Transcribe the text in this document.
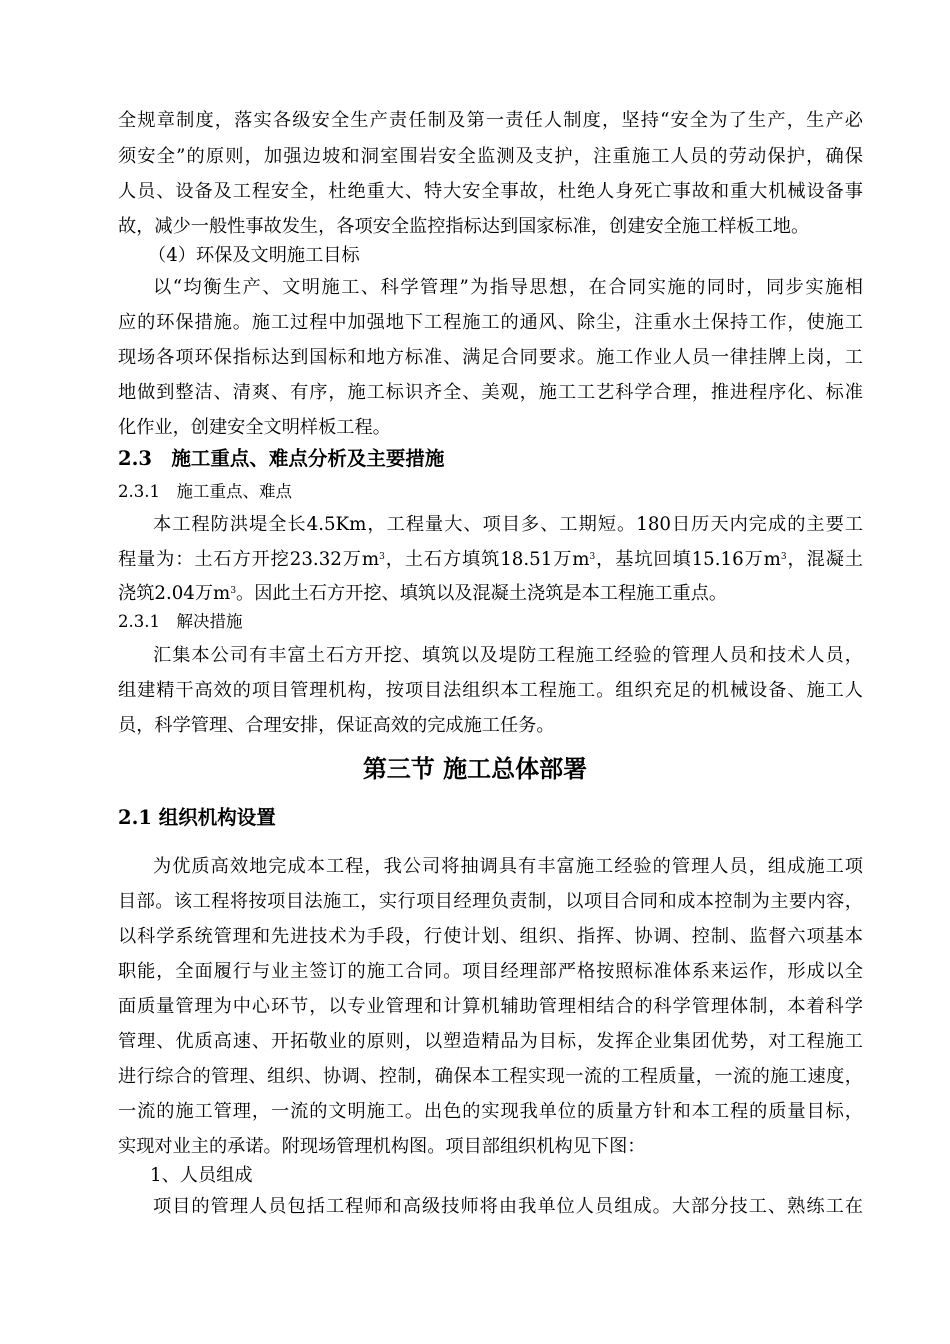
全规章制度，落实各级安全生产责任制及第一责任人制度，坚持“安全为了生产，生产必
须安全”的原则，加强边坡和洞室围岩安全监测及支护，注重施工人员的劳动保护，确保
人员、设备及工程安全，杜绝重大、特大安全事故，杜绝人身死亡事故和重大机械设备事
故，减少一般性事故发生，各项安全监控指标达到国家标准，创建安全施工样板工地。
（4）环保及文明施工目标
以“均衡生产、文明施工、科学管理”为指导思想，在合同实施的同时，同步实施相
应的环保措施。施工过程中加强地下工程施工的通风、除尘，注重水土保持工作，使施工
现场各项环保指标达到国标和地方标准、满足合同要求。施工作业人员一律挂牌上岗，工
地做到整洁、清爽、有序，施工标识齐全、美观，施工工艺科学合理，推进程序化、标准
化作业，创建安全文明样板工程。
2.3　施工重点、难点分析及主要措施
2.3.1　施工重点、难点
本工程防洪堤全长4.5Km，工程量大、项目多、工期短。180日历天内完成的主要工
程量为：土石方开挖23.32万$m^3$，土石方填筑18.51万$m^3$，基坑回填15.16万$m^3$，混凝土
浇筑2.04万$m^3$。因此土石方开挖、填筑以及混凝土浇筑是本工程施工重点。
2.3.1　解决措施
汇集本公司有丰富土石方开挖、填筑以及堤防工程施工经验的管理人员和技术人员，
组建精干高效的项目管理机构，按项目法组织本工程施工。组织充足的机械设备、施工人
员，科学管理、合理安排，保证高效的完成施工任务。
第三节 施工总体部署
2.1 组织机构设置
为优质高效地完成本工程，我公司将抽调具有丰富施工经验的管理人员，组成施工项
目部。该工程将按项目法施工，实行项目经理负责制，以项目合同和成本控制为主要内容，
以科学系统管理和先进技术为手段，行使计划、组织、指挥、协调、控制、监督六项基本
职能，全面履行与业主签订的施工合同。项目经理部严格按照标准体系来运作，形成以全
面质量管理为中心环节，以专业管理和计算机辅助管理相结合的科学管理体制，本着科学
管理、优质高速、开拓敬业的原则，以塑造精品为目标，发挥企业集团优势，对工程施工
进行综合的管理、组织、协调、控制，确保本工程实现一流的工程质量，一流的施工速度，
一流的施工管理，一流的文明施工。出色的实现我单位的质量方针和本工程的质量目标，
实现对业主的承诺。附现场管理机构图。项目部组织机构见下图：
1、人员组成
项目的管理人员包括工程师和高级技师将由我单位人员组成。大部分技工、熟练工在
